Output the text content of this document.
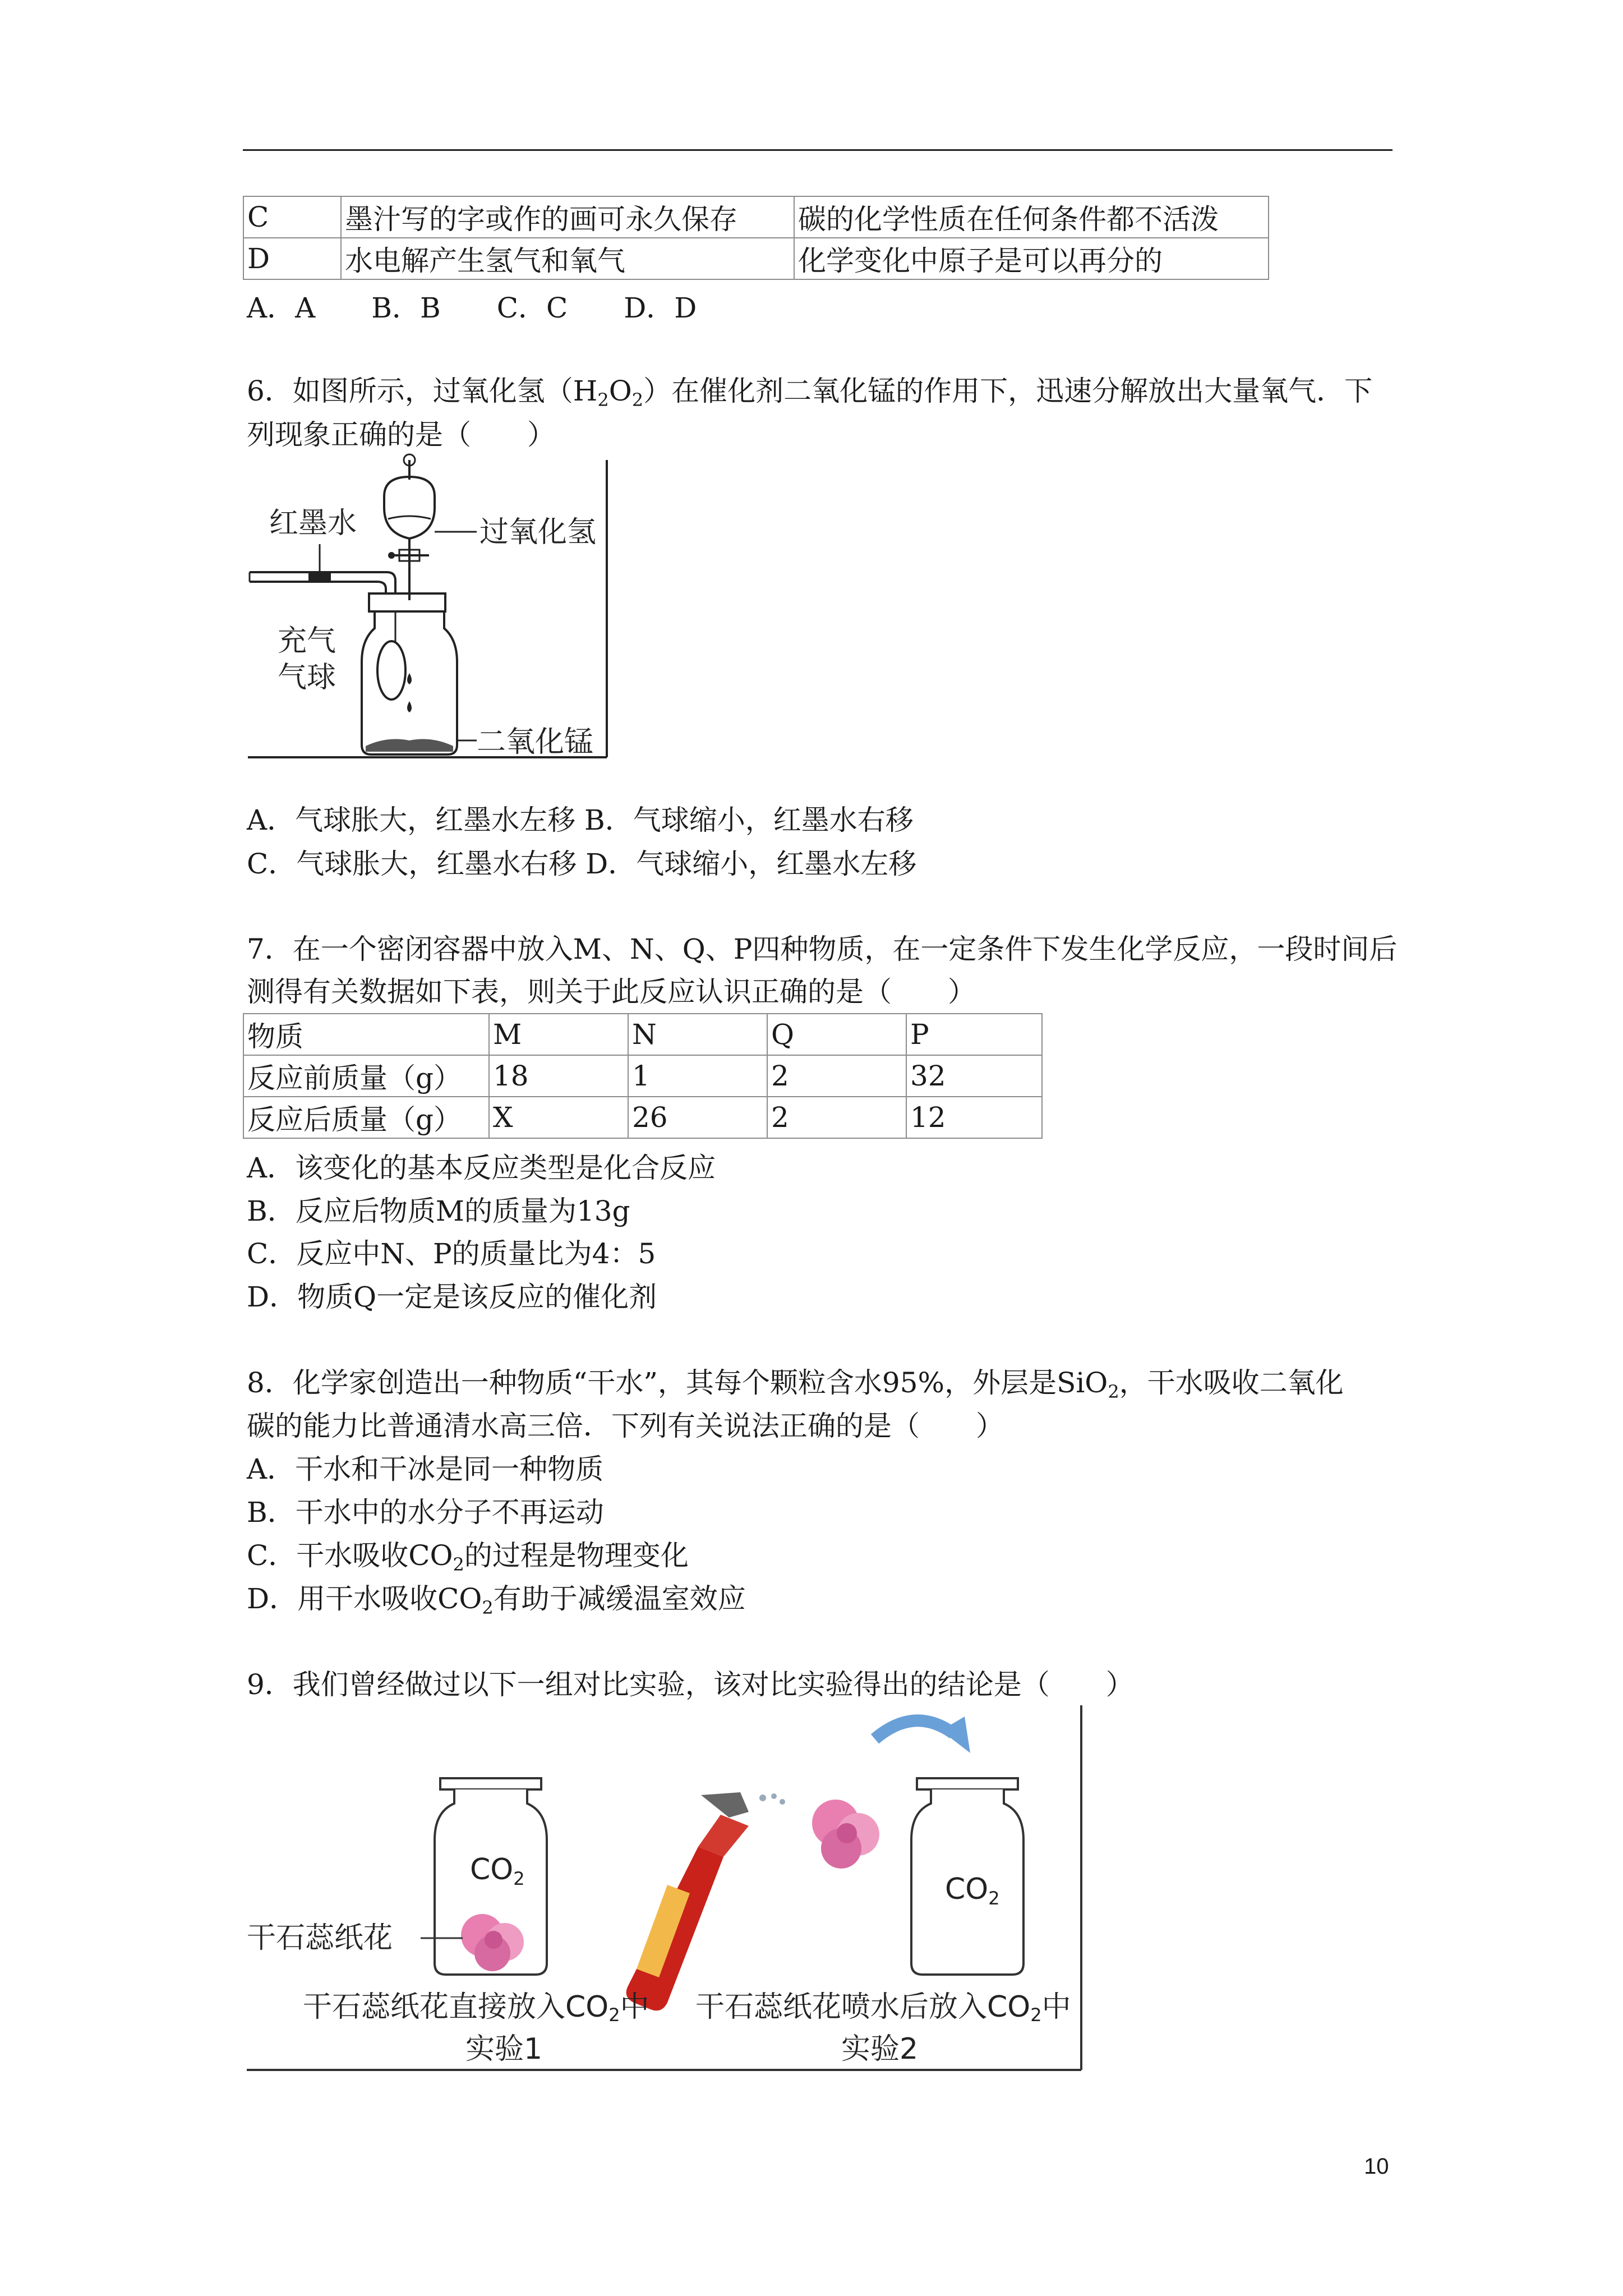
C	墨汁写的字或作的画可永久保存	碳的化学性质在任何条件都不活泼
D	水电解产生氢气和氧气	化学变化中原子是可以再分的
A．A　　B．B　　C．C　　D．D
6．如图所示，过氧化氢$(H_2O_2)$在催化剂二氧化锰的作用下，迅速分解放出大量氧气．下
列现象正确的是（　　）
红墨水	过氧化氢
充气
气球
二氧化锰
A．气球胀大，红墨水左移 B．气球缩小，红墨水右移
C．气球胀大，红墨水右移 D．气球缩小，红墨水左移
7．在一个密闭容器中放入M、N、Q、P四种物质，在一定条件下发生化学反应，一段时间后
测得有关数据如下表，则关于此反应认识正确的是（　　）
物质	M	N	Q	P
反应前质量（g）	18	1	2	32
反应后质量（g）	X	26	2	12
A．该变化的基本反应类型是化合反应
B．反应后物质M的质量为13g
C．反应中N、P的质量比为4：5
D．物质Q一定是该反应的催化剂
8．化学家创造出一种物质“干水”，其每个颗粒含水95%，外层是SiO$_2$，干水吸收二氧化
碳的能力比普通清水高三倍．下列有关说法正确的是（　　）
A．干水和干冰是同一种物质
B．干水中的水分子不再运动
C．干水吸收$CO_2$的过程是物理变化
D．用干水吸收$CO_2$有助于减缓温室效应
9．我们曾经做过以下一组对比实验，该对比实验得出的结论是（　　）
CO2
干石蕊纸花
CO2
干石蕊纸花直接放入CO2中
实验1
干石蕊纸花喷水后放入CO2中
实验2
10
